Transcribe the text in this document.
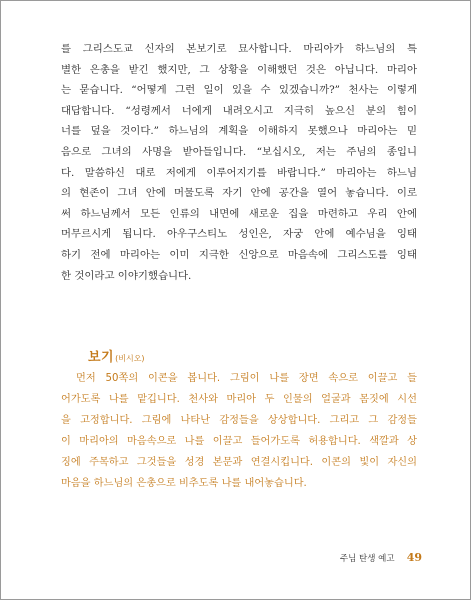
를 그리스도교 신자의 본보기로 묘사합니다. 마리아가 하느님의 특
별한 은총을 받긴 했지만, 그 상황을 이해했던 것은 아닙니다. 마리아
는 묻습니다. “어떻게 그런 일이 있을 수 있겠습니까?” 천사는 이렇게
대답합니다. “성령께서 너에게 내려오시고 지극히 높으신 분의 힘이
너를 덮을 것이다.” 하느님의 계획을 이해하지 못했으나 마리아는 믿
음으로 그녀의 사명을 받아들입니다. “보십시오, 저는 주님의 종입니
다. 말씀하신 대로 저에게 이루어지기를 바랍니다.” 마리아는 하느님
의 현존이 그녀 안에 머물도록 자기 안에 공간을 열어 놓습니다. 이로
써 하느님께서 모든 인류의 내면에 새로운 집을 마련하고 우리 안에
머무르시게 됩니다. 아우구스티노 성인은, 자궁 안에 예수님을 잉태
하기 전에 마리아는 이미 지극한 신앙으로 마음속에 그리스도를 잉태
한 것이라고 이야기했습니다.
보기(비시오)
먼저 50쪽의 이콘을 봅니다. 그림이 나를 장면 속으로 이끌고 들
어가도록 나를 맡깁니다. 천사와 마리아 두 인물의 얼굴과 몸짓에 시선
을 고정합니다. 그림에 나타난 감정들을 상상합니다. 그리고 그 감정들
이 마리아의 마음속으로 나를 이끌고 들어가도록 허용합니다. 색깔과 상
징에 주목하고 그것들을 성경 본문과 연결시킵니다. 이콘의 빛이 자신의
마음을 하느님의 은총으로 비추도록 나를 내어놓습니다.
주님 탄생 예고 49
